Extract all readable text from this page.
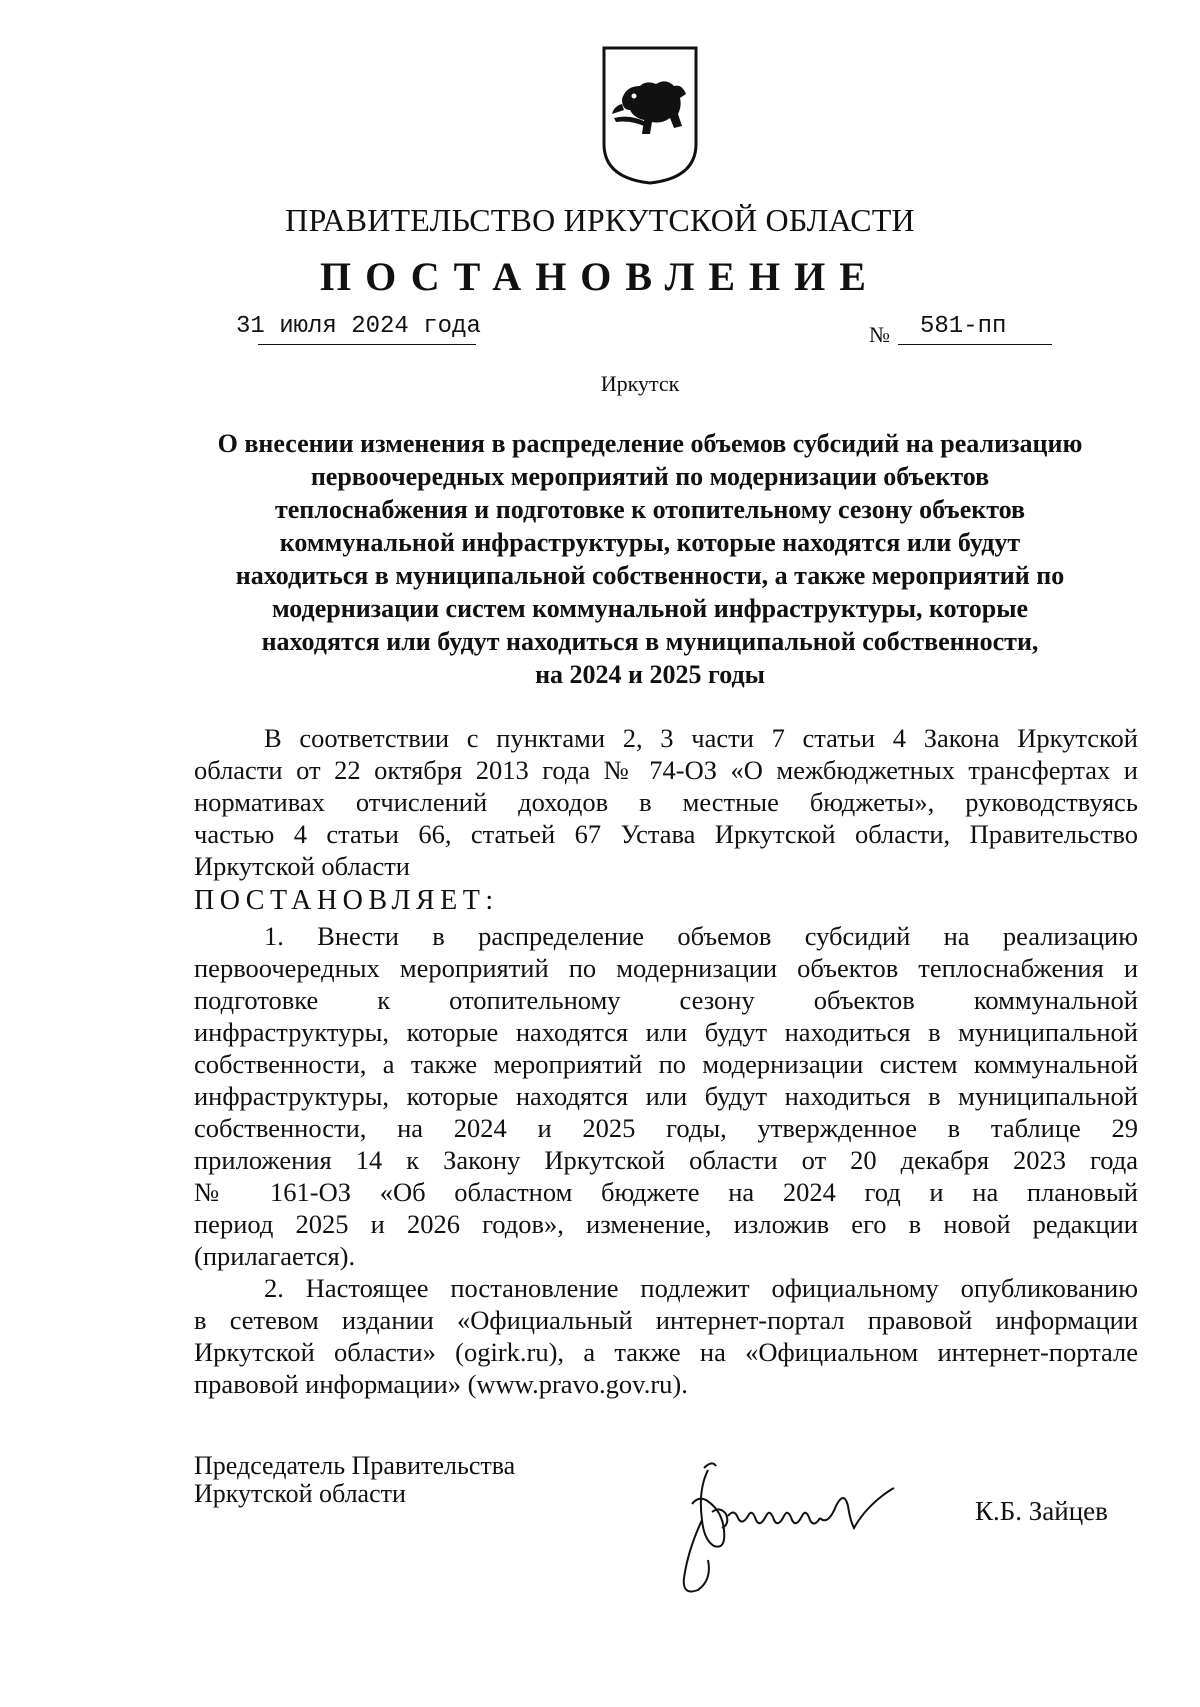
ПРАВИТЕЛЬСТВО ИРКУТСКОЙ ОБЛАСТИ
ПОСТАНОВЛЕНИЕ
31 июля 2024 года	№ 581-пп
Иркутск
О внесении изменения в распределение объемов субсидий на реализацию
первоочередных мероприятий по модернизации объектов
теплоснабжения и подготовке к отопительному сезону объектов
коммунальной инфраструктуры, которые находятся или будут
находиться в муниципальной собственности, а также мероприятий по
модернизации систем коммунальной инфраструктуры, которые
находятся или будут находиться в муниципальной собственности,
на 2024 и 2025 годы
В соответствии с пунктами 2, 3 части 7 статьи 4 Закона Иркутской
области от 22 октября 2013 года № 74-ОЗ «О межбюджетных трансфертах и
нормативах отчислений доходов в местные бюджеты», руководствуясь
частью 4 статьи 66, статьей 67 Устава Иркутской области, Правительство
Иркутской области
ПОСТАНОВЛЯЕТ:
1. Внести в распределение объемов субсидий на реализацию
первоочередных мероприятий по модернизации объектов теплоснабжения и
подготовке к отопительному сезону объектов коммунальной
инфраструктуры, которые находятся или будут находиться в муниципальной
собственности, а также мероприятий по модернизации систем коммунальной
инфраструктуры, которые находятся или будут находиться в муниципальной
собственности, на 2024 и 2025 годы, утвержденное в таблице 29
приложения 14 к Закону Иркутской области от 20 декабря 2023 года
№ 161-ОЗ «Об областном бюджете на 2024 год и на плановый
период 2025 и 2026 годов», изменение, изложив его в новой редакции
(прилагается).
2. Настоящее постановление подлежит официальному опубликованию
в сетевом издании «Официальный интернет-портал правовой информации
Иркутской области» (ogirk.ru), а также на «Официальном интернет-портале
правовой информации» (www.pravo.gov.ru).
Председатель Правительства
Иркутской области
К.Б. Зайцев
